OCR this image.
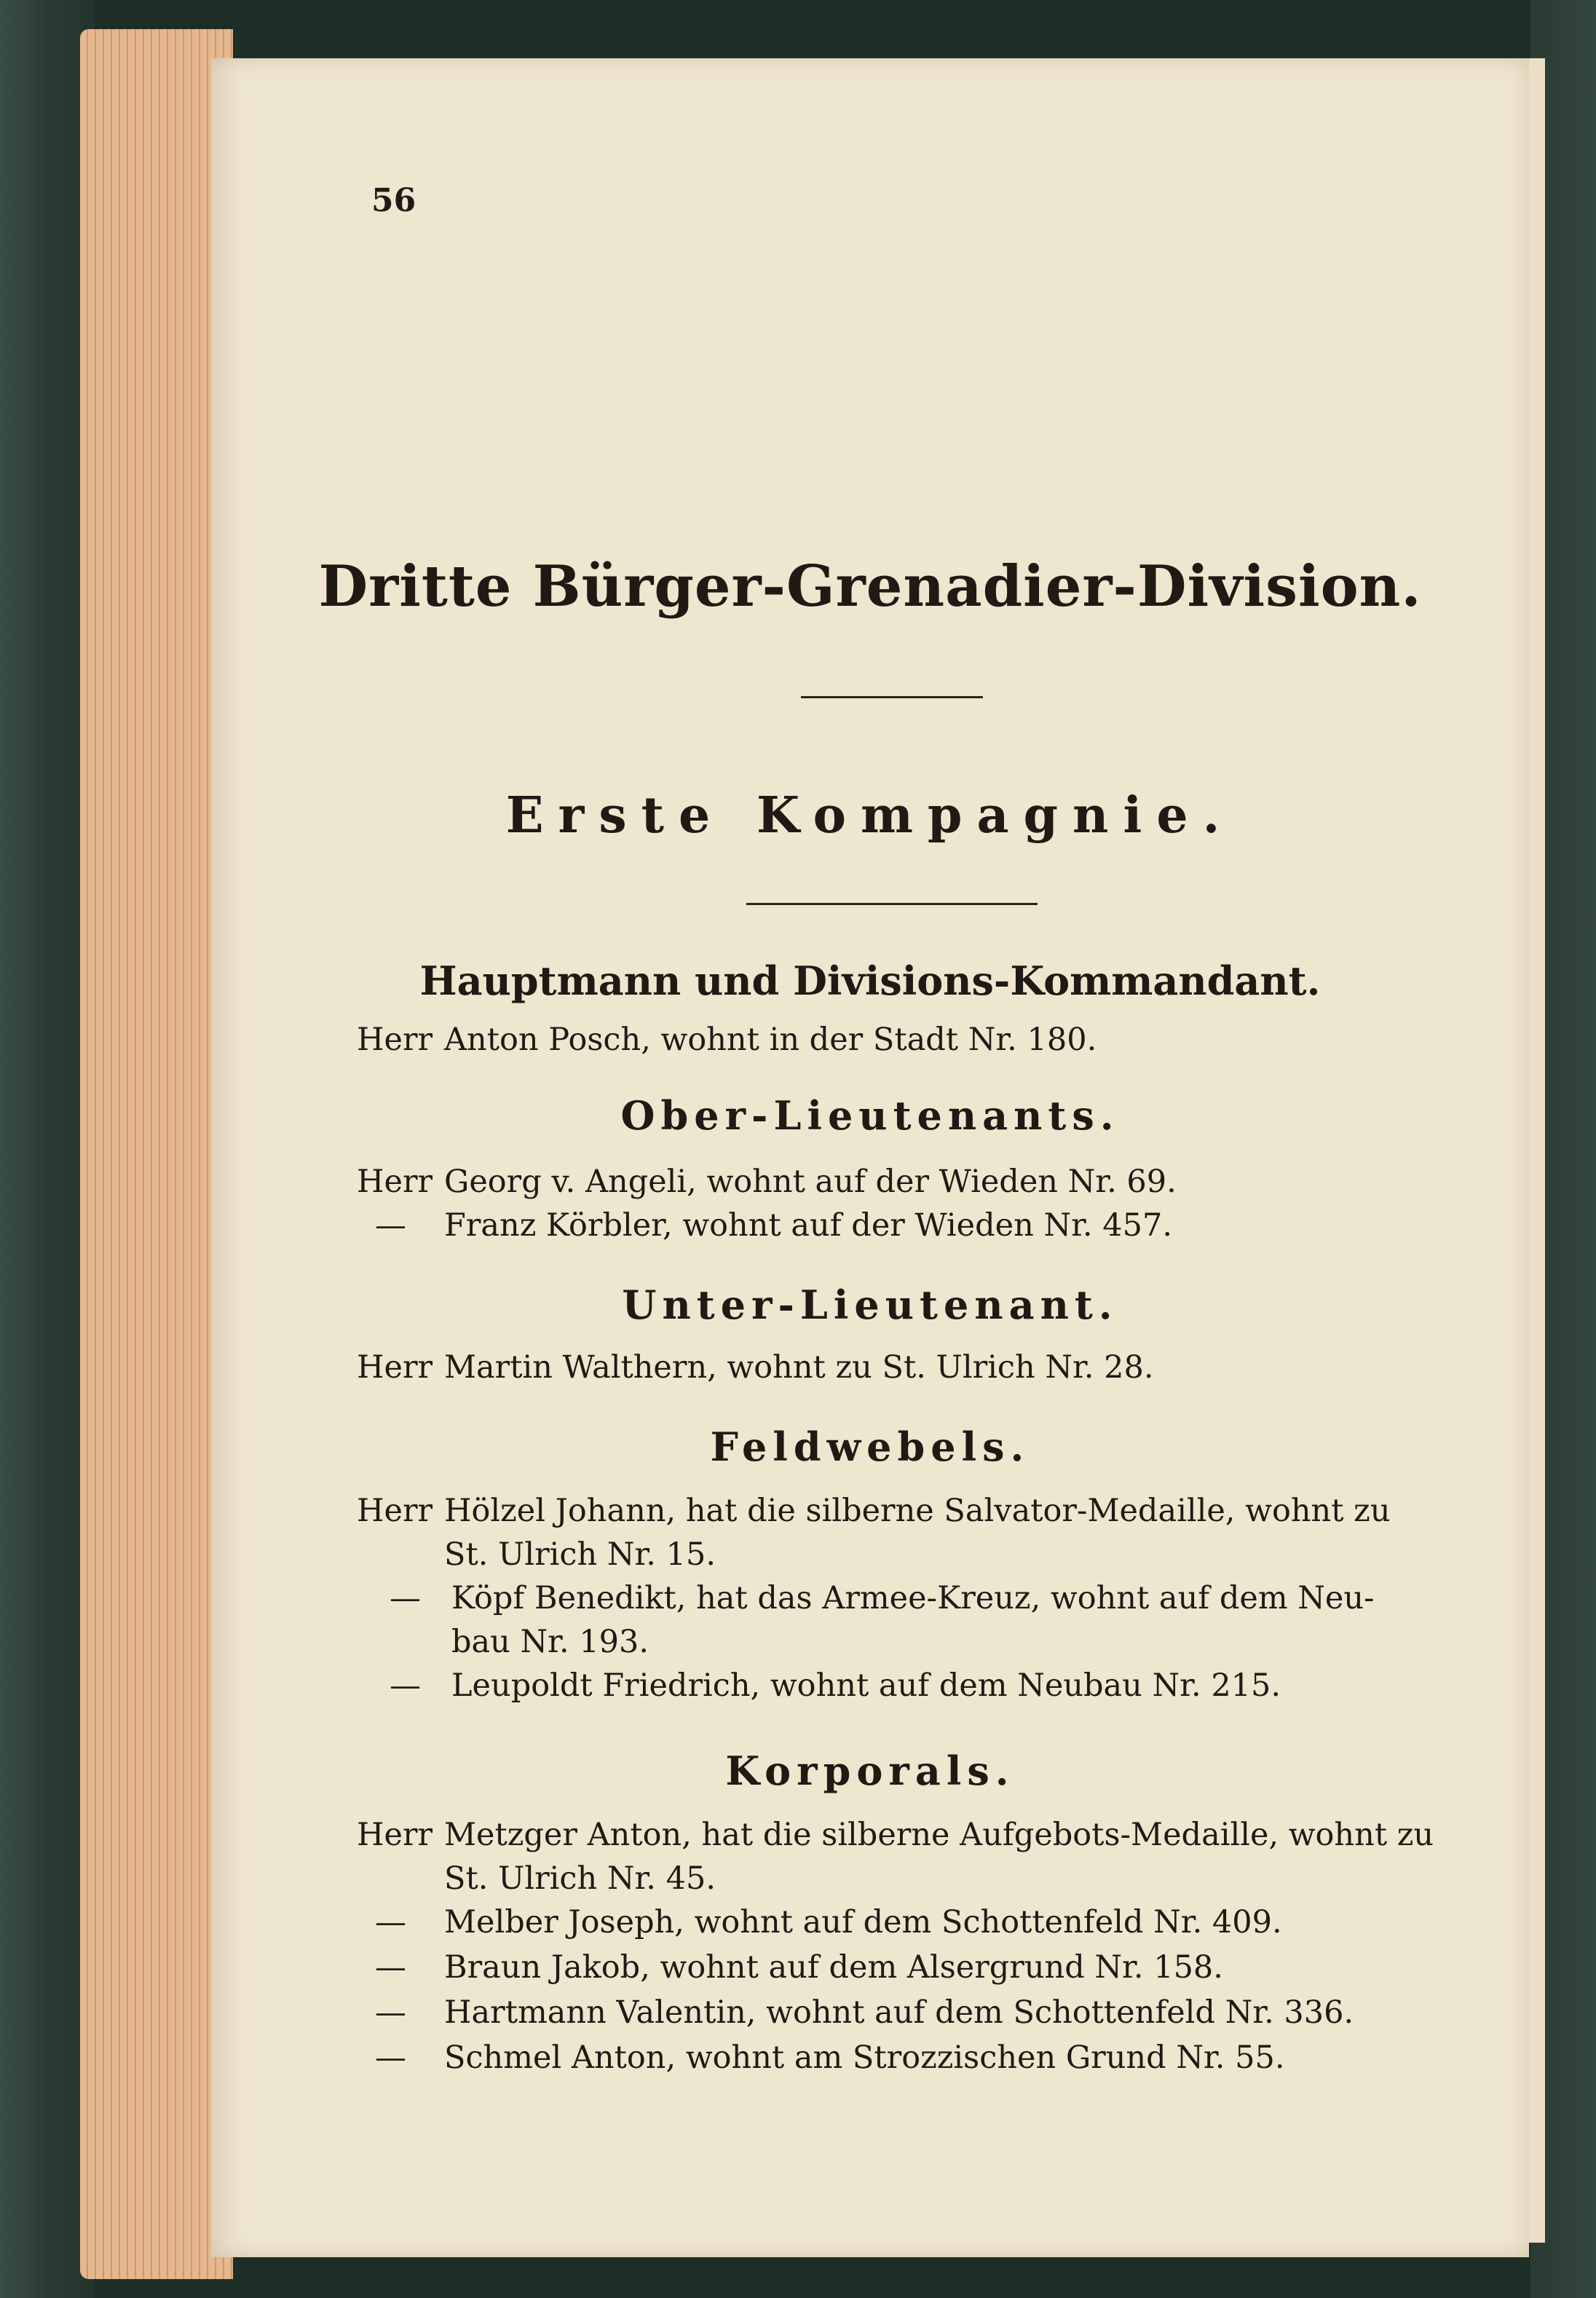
56
Dritte Bürger-Grenadier-Division.
Erste Kompagnie.
Hauptmann und Divisions-Kommandant.
Herr Anton Posch, wohnt in der Stadt Nr. 180.
Ober-Lieutenants.
Herr Georg v. Angeli, wohnt auf der Wieden Nr. 69.
— Franz Körbler, wohnt auf der Wieden Nr. 457.
Unter-Lieutenant.
Herr Martin Walthern, wohnt zu St. Ulrich Nr. 28.
Feldwebels.
Herr Hölzel Johann, hat die silberne Salvator-Medaille, wohnt zu
St. Ulrich Nr. 15.
— Köpf Benedikt, hat das Armee-Kreuz, wohnt auf dem Neu-
bau Nr. 193.
— Leupoldt Friedrich, wohnt auf dem Neubau Nr. 215.
Korporals.
Herr Metzger Anton, hat die silberne Aufgebots-Medaille, wohnt zu
St. Ulrich Nr. 45.
— Melber Joseph, wohnt auf dem Schottenfeld Nr. 409.
— Braun Jakob, wohnt auf dem Alsergrund Nr. 158.
— Hartmann Valentin, wohnt auf dem Schottenfeld Nr. 336.
— Schmel Anton, wohnt am Strozzischen Grund Nr. 55.
